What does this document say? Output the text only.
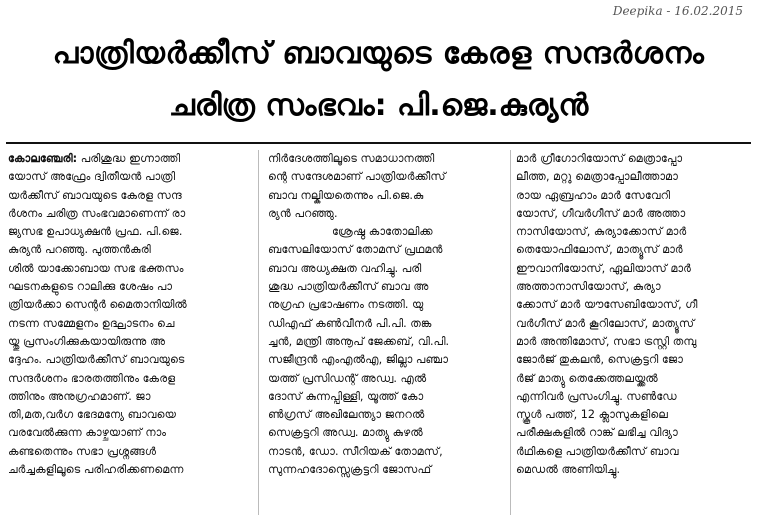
Deepika - 16.02.2015
പാത്രിയർക്കീസ് ബാവയുടെ കേരള സന്ദർശനം
ചരിത്ര സംഭവം: പി.ജെ.കുര്യൻ
കോലഞ്ചേരി: പരിശുദ്ധ ഇഗ്നാത്തി
യോസ് അഫ്രേം ദ്വിതീയൻ പാത്രി
യർക്കീസ് ബാവയുടെ കേരള സന്ദ
ർശനം ചരിത്ര സംഭവമാണെന്ന് രാ
ജ്യസഭ ഉപാധ്യക്ഷൻ പ്രഫ. പി.ജെ.
കുര്യൻ പറഞ്ഞു. പുത്തൻകുരി
ശിൽ യാക്കോബായ സഭ ഭക്തസം
ഘടനകളുടെ റാലിക്കു ശേഷം പാ
ത്രിയർക്കാ സെന്റർ മൈതാനിയിൽ
നടന്ന സമ്മേളനം ഉദ്ഘാടനം ചെ
യ്തു പ്രസംഗിക്കുകയായിരുന്നു അ
ദ്ദേഹം. പാത്രിയർക്കീസ് ബാവയുടെ
സന്ദർശനം ഭാരതത്തിനും കേരള
ത്തിനും അനുഗ്രഹമാണ്. ജാ
തി,മത,വർഗ ഭേദമന്യേ ബാവയെ
വരവേൽക്കുന്ന കാഴ്ചയാണ് നാം
കണ്ടതെന്നും സഭാ പ്രശ്നങ്ങൾ
ചർച്ചകളിലൂടെ പരിഹരിക്കണമെന്ന
നിർദേശത്തിലൂടെ സമാധാനത്തി
ന്റെ സന്ദേശമാണ് പാത്രിയർക്കീസ്
ബാവ നല്കിയതെന്നും പി.ജെ.കു
ര്യൻ പറഞ്ഞു.
ശ്രേഷ്ഠ കാതോലിക്ക
ബസേലിയോസ് തോമസ് പ്രഥമൻ
ബാവ അധ്യക്ഷത വഹിച്ചു. പരി
ശുദ്ധ പാത്രിയർക്കീസ് ബാവ അ
നുഗ്രഹ പ്രഭാഷണം നടത്തി. യു
ഡിഎഫ് കൺവീനർ പി.പി. തങ്ക
ച്ചൻ, മന്ത്രി അനൂപ് ജേക്കബ്, വി.പി.
സജീന്ദ്രൻ എംഎൽഎ, ജില്ലാ പഞ്ചാ
യത്ത് പ്രസിഡന്റ് അഡ്വ. എൽ
ദോസ് കുന്നപ്പിള്ളി, യൂത്ത് കോ
ൺഗ്രസ് അഖിലേന്ത്യാ ജനറൽ
സെക്രട്ടറി അഡ്വ. മാത്യു കുഴൽ
നാടൻ, ഡോ. സീറിയക് തോമസ്,
സുന്നഹദോസ്സെക്രട്ടറി ജോസഫ്
മാർ ഗ്രീഗോറിയോസ് മെത്രാപ്പോ
ലീത്ത, മറ്റു മെത്രാപ്പോലീത്താമാ
രായ ഏബ്രഹാം മാർ സേവേറി
യോസ്, ഗീവർഗീസ് മാർ അത്താ
നാസിയോസ്, കുര്യാക്കോസ് മാർ
തെയോഫിലോസ്, മാത്യൂസ് മാർ
ഈവാനിയോസ്, ഏലിയാസ് മാർ
അത്താനാസിയോസ്, കുര്യാ
ക്കോസ് മാർ യൗസേബിയോസ്, ഗീ
വർഗീസ് മാർ കൂറിലോസ്, മാത്യൂസ്
മാർ അന്തിമോസ്, സഭാ ട്രസ്റ്റി തമ്പു
ജോർജ് തുകലൻ, സെക്രട്ടറി ജോ
ർജ് മാത്യു തെക്കേത്തലയ്ക്കൽ
എന്നിവർ പ്രസംഗിച്ചു. സൺഡേ
സ്കൂൾ പത്ത്, 12 ക്ലാസുകളിലെ
പരീക്ഷകളിൽ റാങ്ക് ലഭിച്ച വിദ്യാ
ർഥികളെ പാത്രിയർക്കീസ് ബാവ
മെഡൽ അണിയിച്ചു.
